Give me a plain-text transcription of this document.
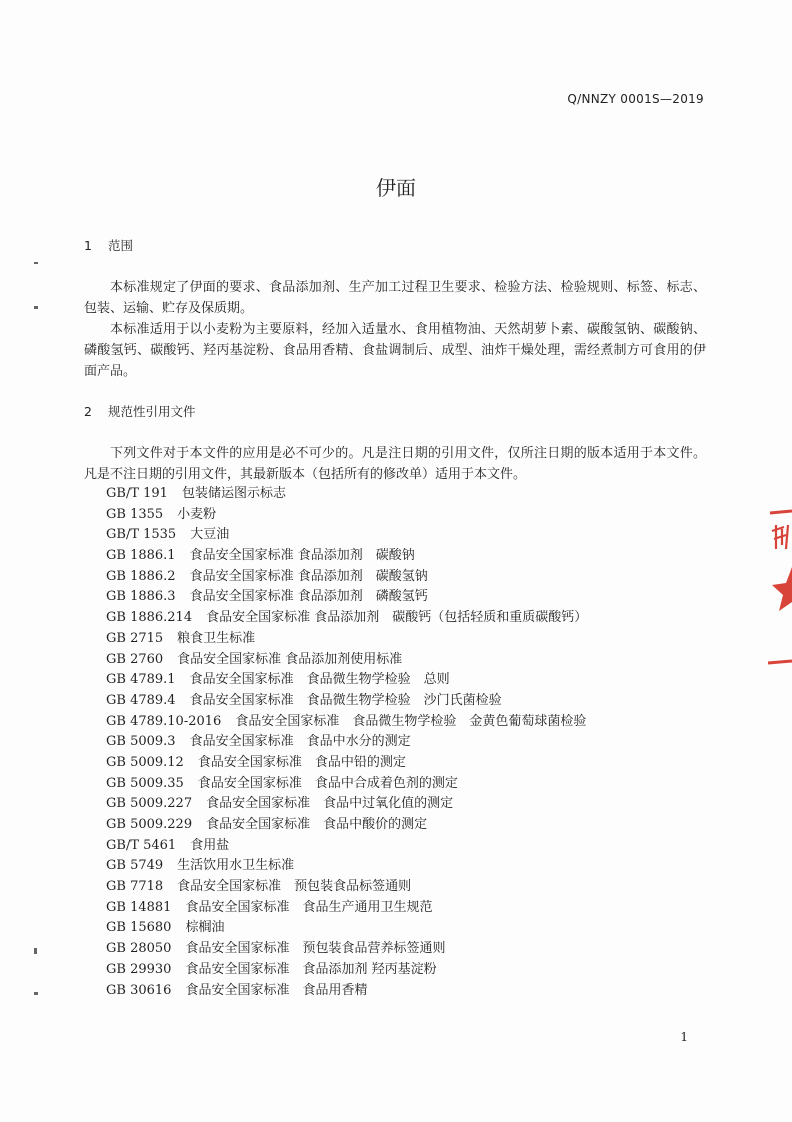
Q/NNZY 0001S—2019
伊面
1 范围

本标准规定了伊面的要求、食品添加剂、生产加工过程卫生要求、检验方法、检验规则、标签、标志、包装、运输、贮存及保质期。

本标准适用于以小麦粉为主要原料，经加入适量水、食用植物油、天然胡萝卜素、碳酸氢钠、碳酸钠、磷酸氢钙、碳酸钙、羟丙基淀粉、食品用香精、食盐调制后、成型、油炸干燥处理，需经煮制方可食用的伊面产品。

2 规范性引用文件

下列文件对于本文件的应用是必不可少的。凡是注日期的引用文件，仅所注日期的版本适用于本文件。凡是不注日期的引用文件，其最新版本（包括所有的修改单）适用于本文件。

GB/T 191 包装储运图示标志
GB 1355 小麦粉
GB/T 1535 大豆油
GB 1886.1 食品安全国家标准 食品添加剂　碳酸钠
GB 1886.2 食品安全国家标准 食品添加剂　碳酸氢钠
GB 1886.3 食品安全国家标准 食品添加剂　磷酸氢钙
GB 1886.214 食品安全国家标准 食品添加剂　碳酸钙（包括轻质和重质碳酸钙）
GB 2715 粮食卫生标准
GB 2760 食品安全国家标准 食品添加剂使用标准
GB 4789.1 食品安全国家标准　食品微生物学检验　总则
GB 4789.4 食品安全国家标准　食品微生物学检验　沙门氏菌检验
GB 4789.10-2016 食品安全国家标准　食品微生物学检验　金黄色葡萄球菌检验
GB 5009.3 食品安全国家标准　食品中水分的测定
GB 5009.12 食品安全国家标准　食品中铅的测定
GB 5009.35 食品安全国家标准　食品中合成着色剂的测定
GB 5009.227 食品安全国家标准　食品中过氧化值的测定
GB 5009.229 食品安全国家标准　食品中酸价的测定
GB/T 5461 食用盐
GB 5749 生活饮用水卫生标准
GB 7718 食品安全国家标准　预包装食品标签通则
GB 14881 食品安全国家标准　食品生产通用卫生规范
GB 15680 棕榈油
GB 28050 食品安全国家标准　预包装食品营养标签通则
GB 29930 食品安全国家标准　食品添加剂 羟丙基淀粉
GB 30616 食品安全国家标准　食品用香精
1
